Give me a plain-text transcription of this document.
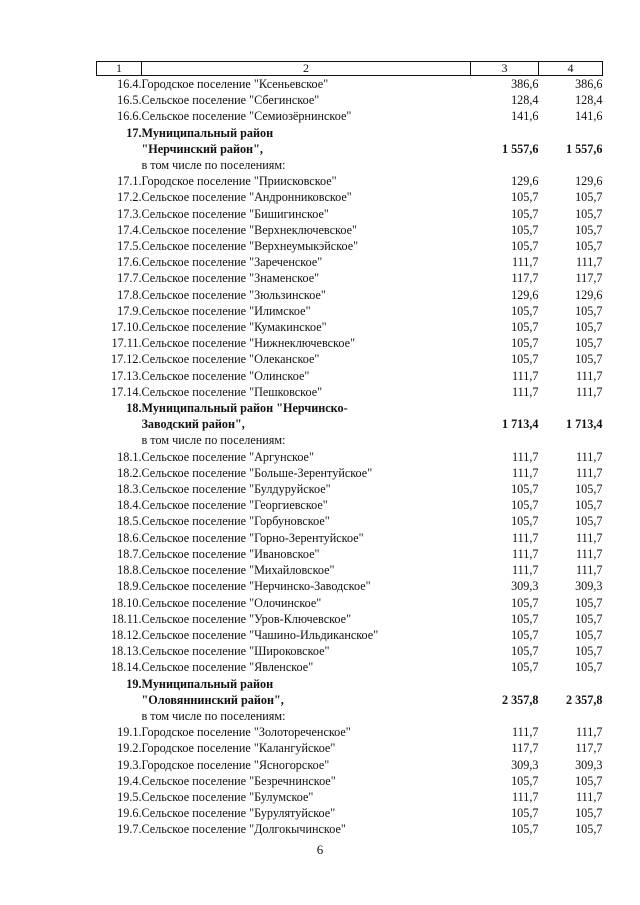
1	2	3	4
16.4.	Городское поселение "Ксеньевское"	386,6	386,6
16.5.	Сельское поселение "Сбегинское"	128,4	128,4
16.6.	Сельское поселение "Семиозёрнинское"	141,6	141,6
17.	Муниципальный район		
	"Нерчинский район",	1 557,6	1 557,6
	в том числе по поселениям:		
17.1.	Городское поселение "Приисковское"	129,6	129,6
17.2.	Сельское поселение "Андронниковское"	105,7	105,7
17.3.	Сельское поселение "Бишигинское"	105,7	105,7
17.4.	Сельское поселение "Верхнеключевское"	105,7	105,7
17.5.	Сельское поселение "Верхнеумыкэйское"	105,7	105,7
17.6.	Сельское поселение "Зареченское"	111,7	111,7
17.7.	Сельское поселение "Знаменское"	117,7	117,7
17.8.	Сельское поселение "Зюльзинское"	129,6	129,6
17.9.	Сельское поселение "Илимское"	105,7	105,7
17.10.	Сельское поселение "Кумакинское"	105,7	105,7
17.11.	Сельское поселение "Нижнеключевское"	105,7	105,7
17.12.	Сельское поселение "Олеканское"	105,7	105,7
17.13.	Сельское поселение "Олинское"	111,7	111,7
17.14.	Сельское поселение "Пешковское"	111,7	111,7
18.	Муниципальный район "Нерчинско-		
	Заводский район",	1 713,4	1 713,4
	в том числе по поселениям:		
18.1.	Сельское поселение "Аргунское"	111,7	111,7
18.2.	Сельское поселение "Больше-Зерентуйское"	111,7	111,7
18.3.	Сельское поселение "Булдуруйское"	105,7	105,7
18.4.	Сельское поселение "Георгиевское"	105,7	105,7
18.5.	Сельское поселение "Горбуновское"	105,7	105,7
18.6.	Сельское поселение "Горно-Зерентуйское"	111,7	111,7
18.7.	Сельское поселение "Ивановское"	111,7	111,7
18.8.	Сельское поселение "Михайловское"	111,7	111,7
18.9.	Сельское поселение "Нерчинско-Заводское"	309,3	309,3
18.10.	Сельское поселение "Олочинское"	105,7	105,7
18.11.	Сельское поселение "Уров-Ключевское"	105,7	105,7
18.12.	Сельское поселение "Чашино-Ильдиканское"	105,7	105,7
18.13.	Сельское поселение "Широковское"	105,7	105,7
18.14.	Сельское поселение "Явленское"	105,7	105,7
19.	Муниципальный район		
	"Оловяннинский район",	2 357,8	2 357,8
	в том числе по поселениям:		
19.1.	Городское поселение "Золотореченское"	111,7	111,7
19.2.	Городское поселение "Калангуйское"	117,7	117,7
19.3.	Городское поселение "Ясногорское"	309,3	309,3
19.4.	Сельское поселение "Безречнинское"	105,7	105,7
19.5.	Сельское поселение "Булумское"	111,7	111,7
19.6.	Сельское поселение "Бурулятуйское"	105,7	105,7
19.7.	Сельское поселение "Долгокычинское"	105,7	105,7
6
